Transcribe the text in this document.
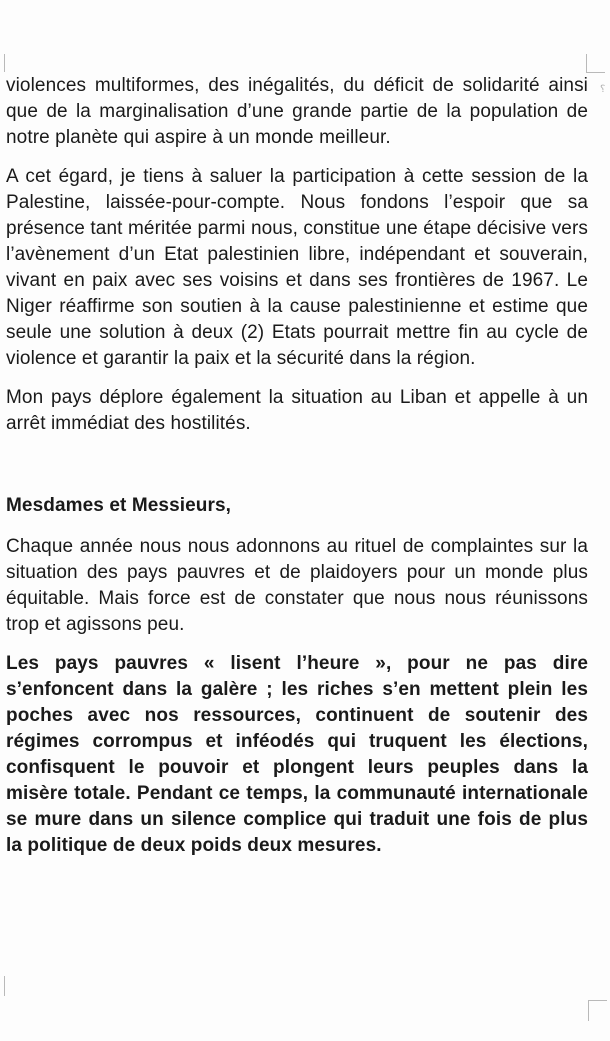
⸮

violences multiformes, des inégalités, du déficit de solidarité ainsi que de la marginalisation d’une grande partie de la population de notre planète qui aspire à un monde meilleur.

A cet égard, je tiens à saluer la participation à cette session de la Palestine, laissée-pour-compte. Nous fondons l’espoir que sa présence tant méritée parmi nous, constitue une étape décisive vers l’avènement d’un Etat palestinien libre, indépendant et souverain, vivant en paix avec ses voisins et dans ses frontières de 1967. Le Niger réaffirme son soutien à la cause palestinienne et estime que seule une solution à deux (2) Etats pourrait mettre fin au cycle de violence et garantir la paix et la sécurité dans la région.

Mon pays déplore également la situation au Liban et appelle à un arrêt immédiat des hostilités.

Mesdames et Messieurs,

Chaque année nous nous adonnons au rituel de complaintes sur la situation des pays pauvres et de plaidoyers pour un monde plus équitable. Mais force est de constater que nous nous réunissons trop et agissons peu.

Les pays pauvres « lisent l’heure », pour ne pas dire s’enfoncent dans la galère ; les riches s’en mettent plein les poches avec nos ressources, continuent de soutenir des régimes corrompus et inféodés qui truquent les élections, confisquent le pouvoir et plongent leurs peuples dans la misère totale. Pendant ce temps, la communauté internationale se mure dans un silence complice qui traduit une fois de plus la politique de deux poids deux mesures.
